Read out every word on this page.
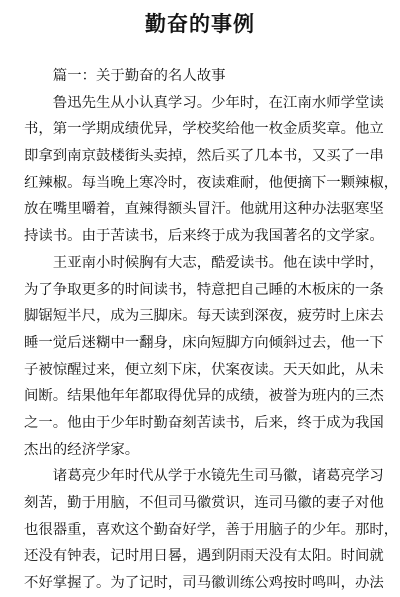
勤奋的事例
篇一：关于勤奋的名人故事
鲁迅先生从小认真学习。少年时，在江南水师学堂读
书，第一学期成绩优异，学校奖给他一枚金质奖章。他立
即拿到南京鼓楼街头卖掉，然后买了几本书，又买了一串
红辣椒。每当晚上寒冷时，夜读难耐，他便摘下一颗辣椒，
放在嘴里嚼着，直辣得额头冒汗。他就用这种办法驱寒坚
持读书。由于苦读书，后来终于成为我国著名的文学家。
王亚南小时候胸有大志，酷爱读书。他在读中学时，
为了争取更多的时间读书，特意把自己睡的木板床的一条
脚锯短半尺，成为三脚床。每天读到深夜，疲劳时上床去
睡一觉后迷糊中一翻身，床向短脚方向倾斜过去，他一下
子被惊醒过来，便立刻下床，伏案夜读。天天如此，从未
间断。结果他年年都取得优异的成绩，被誉为班内的三杰
之一。他由于少年时勤奋刻苦读书，后来，终于成为我国
杰出的经济学家。
诸葛亮少年时代从学于水镜先生司马徽，诸葛亮学习
刻苦，勤于用脑，不但司马徽赏识，连司马徽的妻子对他
也很器重，喜欢这个勤奋好学，善于用脑子的少年。那时，
还没有钟表，记时用日晷，遇到阴雨天没有太阳。时间就
不好掌握了。为了记时，司马徽训练公鸡按时鸣叫，办法
